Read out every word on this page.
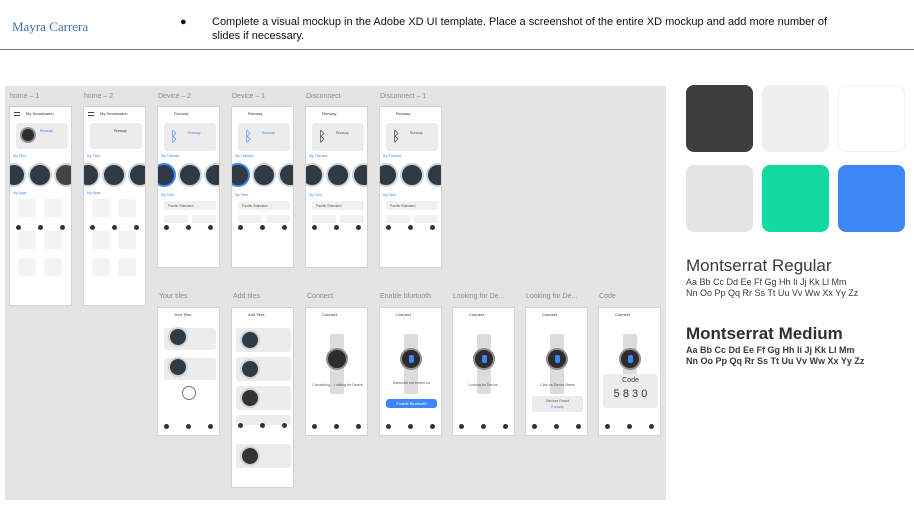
Mayra Carrera	● Complete a visual mockup in the Adobe XD UI template. Place a screenshot of the entire XD mockup and add more number of slides if necessary.
home – 1	home – 2	Device – 2	Device – 1	Disconnect	Disconnect – 1
My Smartwatch
Runway
My Tiles
My Apps
My Smartwatch
Runway
My Tiles
My Apps
Runway
ᛒ	Runway
My Themes
My Time
Pacific Standard
Runway
ᛒ	Runway
My Themes
My Time
Pacific Standard
Runway
ᛒ	Runway
My Themes
My Time
Pacific Standard
Runway
ᛒ	Runway
My Themes
My Time
Pacific Standard
Your tiles	Add tiles	Connect	Enable blurtooth	Looking for De...	Looking for De...	Code
Your Tiles	Add Tiles	Connect
Connecting... Looking for Device
Connect
Bluetooth not turned on
Enable Bluetooth
Connect
Looking for Device...
Connect
Click on Device Name
Devices Found
Runway
Connect
Code
5 8 3 0
Montserrat Regular
Aa Bb Cc Dd Ee Ff Gg Hh Ii Jj Kk Ll Mm
Nn Oo Pp Qq Rr Ss Tt Uu Vv Ww Xx Yy Zz
Montserrat Medium
Aa Bb Cc Dd Ee Ff Gg Hh Ii Jj Kk Ll Mm
Nn Oo Pp Qq Rr Ss Tt Uu Vv Ww Xx Yy Zz
